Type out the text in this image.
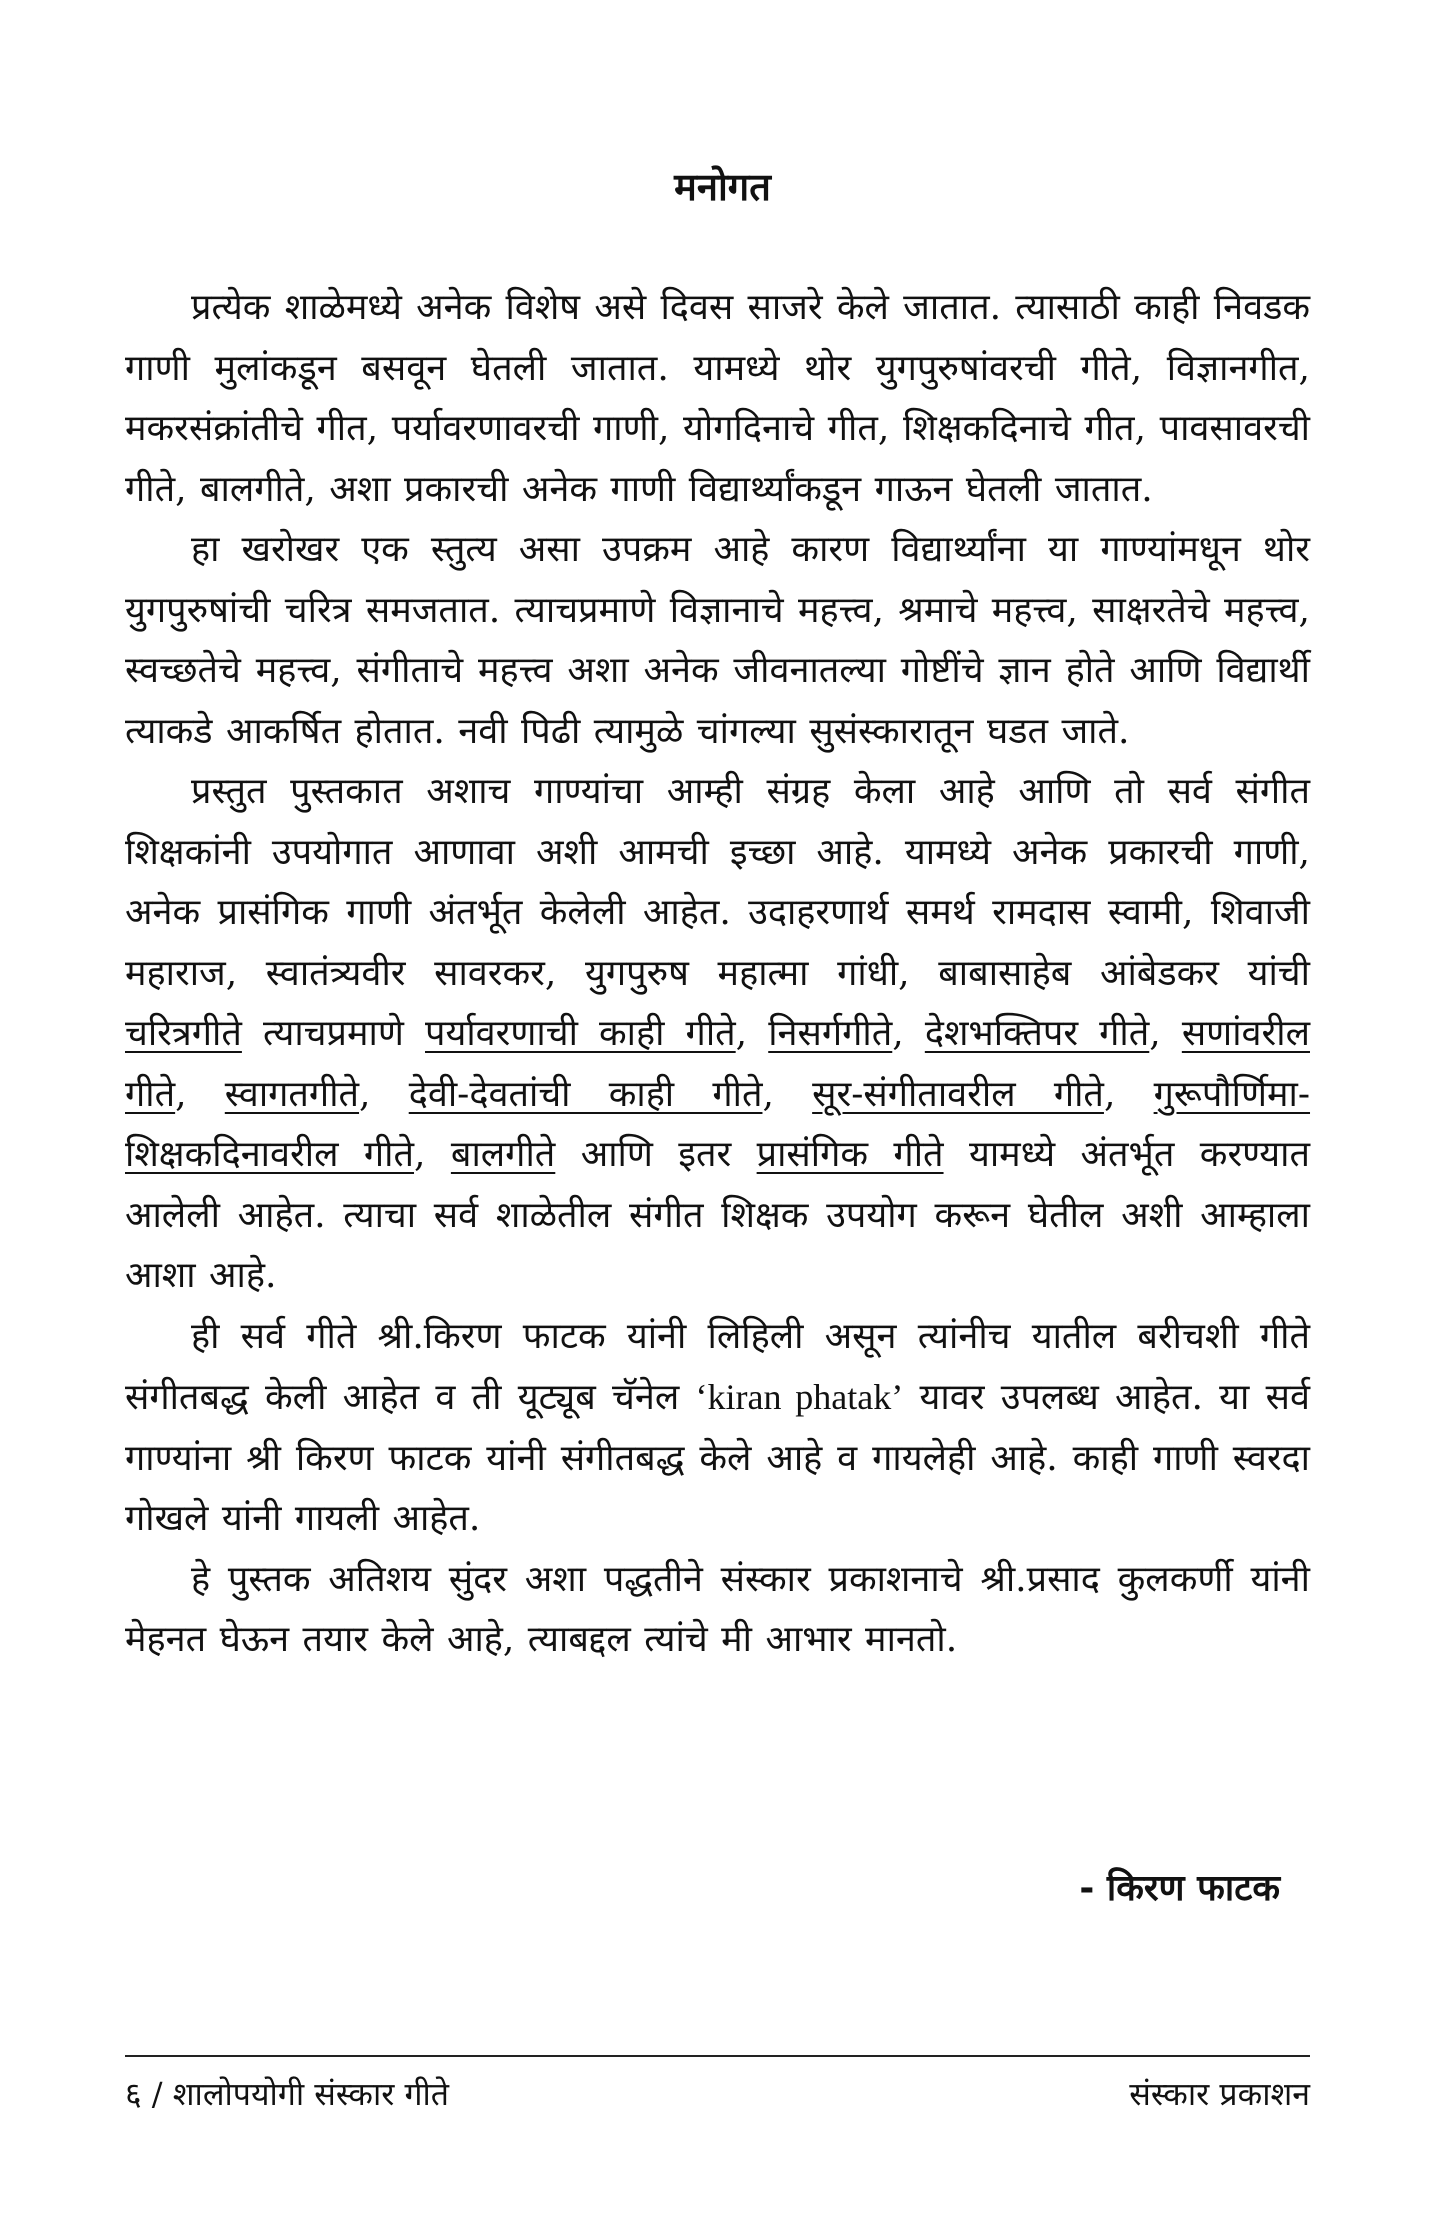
मनोगत

प्रत्येक शाळेमध्ये अनेक विशेष असे दिवस साजरे केले जातात. त्यासाठी काही निवडक गाणी मुलांकडून बसवून घेतली जातात. यामध्ये थोर युगपुरुषांवरची गीते, विज्ञानगीत, मकरसंक्रांतीचे गीत, पर्यावरणावरची गाणी, योगदिनाचे गीत, शिक्षकदिनाचे गीत, पावसावरची गीते, बालगीते, अशा प्रकारची अनेक गाणी विद्यार्थ्यांकडून गाऊन घेतली जातात.

हा खरोखर एक स्तुत्य असा उपक्रम आहे कारण विद्यार्थ्यांना या गाण्यांमधून थोर युगपुरुषांची चरित्र समजतात. त्याचप्रमाणे विज्ञानाचे महत्त्व, श्रमाचे महत्त्व, साक्षरतेचे महत्त्व, स्वच्छतेचे महत्त्व, संगीताचे महत्त्व अशा अनेक जीवनातल्या गोष्टींचे ज्ञान होते आणि विद्यार्थी त्याकडे आकर्षित होतात. नवी पिढी त्यामुळे चांगल्या सुसंस्कारातून घडत जाते.

प्रस्तुत पुस्तकात अशाच गाण्यांचा आम्ही संग्रह केला आहे आणि तो सर्व संगीत शिक्षकांनी उपयोगात आणावा अशी आमची इच्छा आहे. यामध्ये अनेक प्रकारची गाणी, अनेक प्रासंगिक गाणी अंतर्भूत केलेली आहेत. उदाहरणार्थ समर्थ रामदास स्वामी, शिवाजी महाराज, स्वातंत्र्यवीर सावरकर, युगपुरुष महात्मा गांधी, बाबासाहेब आंबेडकर यांची चरित्रगीते त्याचप्रमाणे पर्यावरणाची काही गीते, निसर्गगीते, देशभक्तिपर गीते, सणांवरील गीते, स्वागतगीते, देवी-देवतांची काही गीते, सूर-संगीतावरील गीते, गुरूपौर्णिमा-शिक्षकदिनावरील गीते, बालगीते आणि इतर प्रासंगिक गीते यामध्ये अंतर्भूत करण्यात आलेली आहेत. त्याचा सर्व शाळेतील संगीत शिक्षक उपयोग करून घेतील अशी आम्हाला आशा आहे.

ही सर्व गीते श्री.किरण फाटक यांनी लिहिली असून त्यांनीच यातील बरीचशी गीते संगीतबद्ध केली आहेत व ती यूट्यूब चॅनेल ‘kiran phatak’ यावर उपलब्ध आहेत. या सर्व गाण्यांना श्री किरण फाटक यांनी संगीतबद्ध केले आहे व गायलेही आहे. काही गाणी स्वरदा गोखले यांनी गायली आहेत.

हे पुस्तक अतिशय सुंदर अशा पद्धतीने संस्कार प्रकाशनाचे श्री.प्रसाद कुलकर्णी यांनी मेहनत घेऊन तयार केले आहे, त्याबद्दल त्यांचे मी आभार मानतो.

- किरण फाटक

६ / शालोपयोगी संस्कार गीते	संस्कार प्रकाशन
